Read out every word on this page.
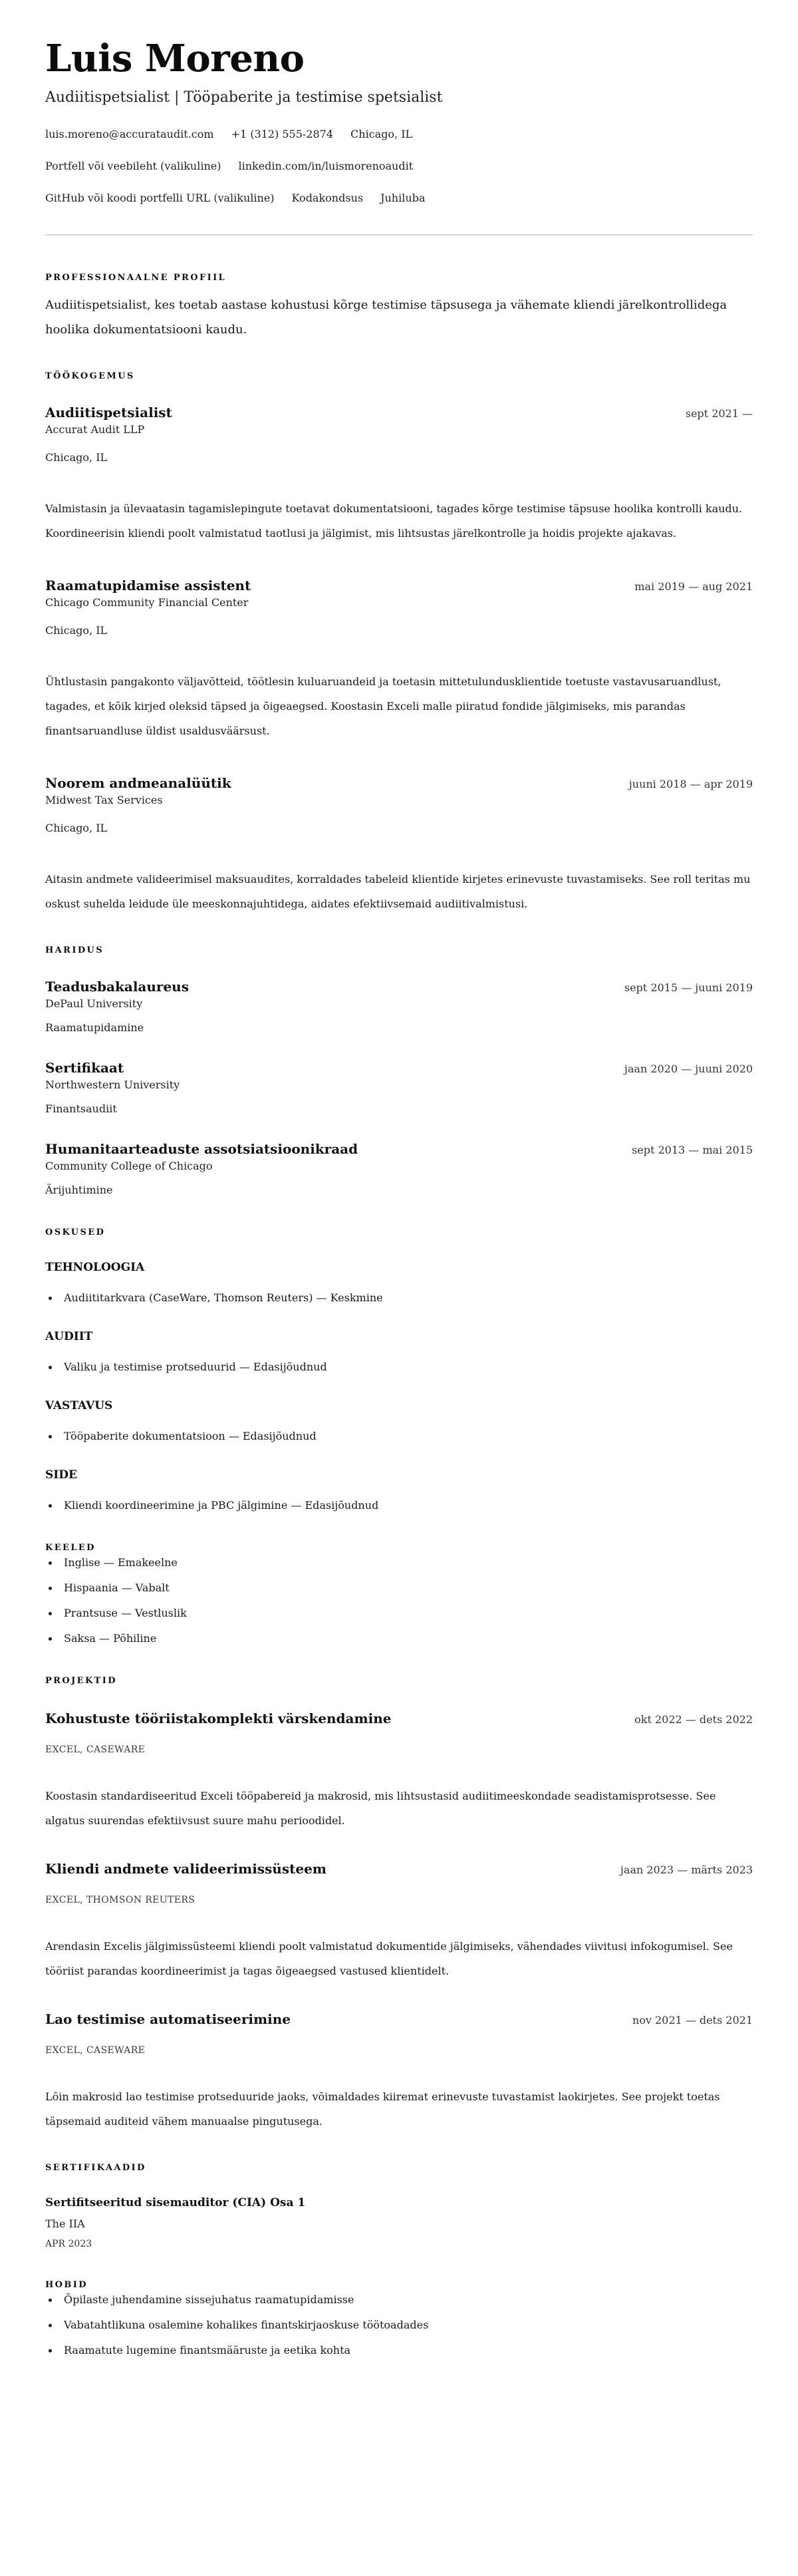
Luis Moreno
Audiitispetsialist | Tööpaberite ja testimise spetsialist
luis.moreno@accurataudit.com +1 (312) 555-2874 Chicago, IL
Portfell või veebileht (valikuline) linkedin.com/in/luismorenoaudit
GitHub või koodi portfelli URL (valikuline) Kodakondsus Juhiluba
PROFESSIONAALNE PROFIIL

Audiitispetsialist, kes toetab aastase kohustusi kõrge testimise täpsusega ja vähemate kliendi järelkontrollidega hoolika dokumentatsiooni kaudu.

TÖÖKOGEMUS
Audiitispetsialist	sept 2021 —
Accurat Audit LLP
Chicago, IL

Valmistasin ja ülevaatasin tagamislepingute toetavat dokumentatsiooni, tagades kõrge testimise täpsuse hoolika kontrolli kaudu. Koordineerisin kliendi poolt valmistatud taotlusi ja jälgimist, mis lihtsustas järelkontrolle ja hoidis projekte ajakavas.

Raamatupidamise assistent	mai 2019 — aug 2021
Chicago Community Financial Center
Chicago, IL

Ühtlustasin pangakonto väljavõtteid, töötlesin kuluaruandeid ja toetasin mittetulundusklientide toetuste vastavusaruandlust, tagades, et kõik kirjed oleksid täpsed ja õigeaegsed. Koostasin Exceli malle piiratud fondide jälgimiseks, mis parandas finantsaruandluse üldist usaldusväärsust.

Noorem andmeanalüütik	juuni 2018 — apr 2019
Midwest Tax Services
Chicago, IL

Aitasin andmete valideerimisel maksuaudites, korraldades tabeleid klientide kirjetes erinevuste tuvastamiseks. See roll teritas mu oskust suhelda leidude üle meeskonnajuhtidega, aidates efektiivsemaid audiitivalmistusi.

HARIDUS
Teadusbakalaureus	sept 2015 — juuni 2019
DePaul University
Raamatupidamine
Sertifikaat	jaan 2020 — juuni 2020
Northwestern University
Finantsaudiit
Humanitaarteaduste assotsiatsioonikraad	sept 2013 — mai 2015
Community College of Chicago
Ärijuhtimine
OSKUSED
TEHNOLOOGIA
Audiititarkvara (CaseWare, Thomson Reuters) — Keskmine
AUDIIT
Valiku ja testimise protseduurid — Edasijõudnud
VASTAVUS
Tööpaberite dokumentatsioon — Edasijõudnud
SIDE
Kliendi koordineerimine ja PBC jälgimine — Edasijõudnud
KEELED
Inglise — Emakeelne
Hispaania — Vabalt
Prantsuse — Vestluslik
Saksa — Põhiline
PROJEKTID
Kohustuste tööriistakomplekti värskendamine	okt 2022 — dets 2022
EXCEL, CASEWARE

Koostasin standardiseeritud Exceli tööpabereid ja makrosid, mis lihtsustasid audiitimeeskondade seadistamisprotsesse. See algatus suurendas efektiivsust suure mahu perioodidel.

Kliendi andmete valideerimissüsteem	jaan 2023 — märts 2023
EXCEL, THOMSON REUTERS

Arendasin Excelis jälgimissüsteemi kliendi poolt valmistatud dokumentide jälgimiseks, vähendades viivitusi infokogumisel. See tööriist parandas koordineerimist ja tagas õigeaegsed vastused klientidelt.

Lao testimise automatiseerimine	nov 2021 — dets 2021
EXCEL, CASEWARE

Lõin makrosid lao testimise protseduuride jaoks, võimaldades kiiremat erinevuste tuvastamist laokirjetes. See projekt toetas täpsemaid auditeid vähem manuaalse pingutusega.

SERTIFIKAADID
Sertifitseeritud sisemauditor (CIA) Osa 1
The IIA
APR 2023
HOBID
Õpilaste juhendamine sissejuhatus raamatupidamisse
Vabatahtlikuna osalemine kohalikes finantskirjaoskuse töötoadades
Raamatute lugemine finantsmääruste ja eetika kohta
